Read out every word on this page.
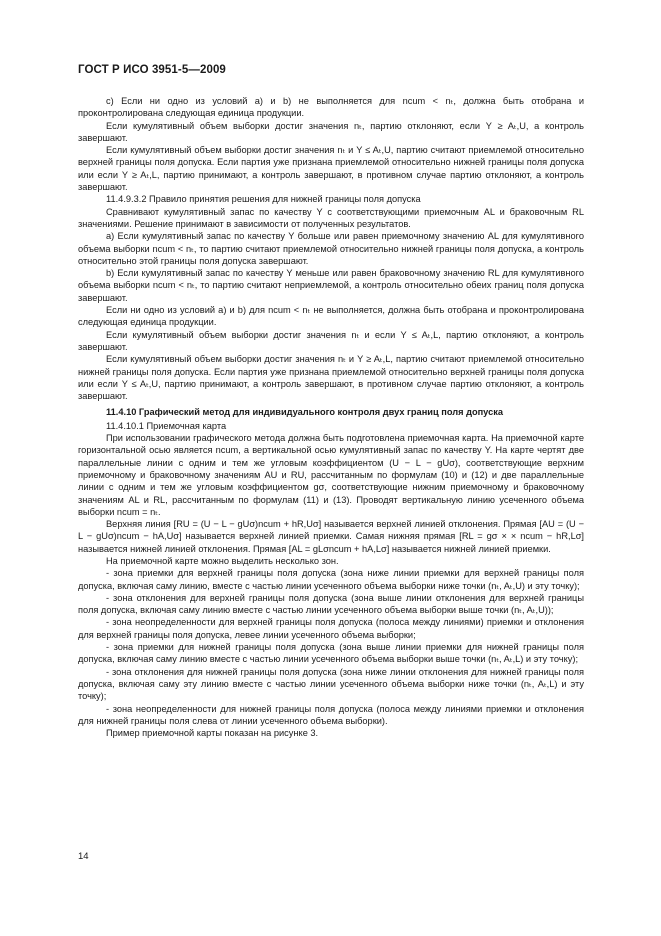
ГОСТ Р ИСО 3951-5—2009

c) Если ни одно из условий a) и b) не выполняется для nсum < nₜ, должна быть отобрана и проконтролирована следующая единица продукции.

Если кумулятивный объем выборки достиг значения nₜ, партию отклоняют, если Y ≥ Aₜ,U, а контроль завершают.

Если кумулятивный объем выборки достиг значения nₜ и Y ≤ Aₜ,U, партию считают приемлемой относительно верхней границы поля допуска. Если партия уже признана приемлемой относительно нижней границы поля допуска или если Y ≥ Aₜ,L, партию принимают, а контроль завершают, в противном случае партию отклоняют, а контроль завершают.

11.4.9.3.2 Правило принятия решения для нижней границы поля допуска

Сравнивают кумулятивный запас по качеству Y с соответствующими приемочным AL и браковочным RL значениями. Решение принимают в зависимости от полученных результатов.

a) Если кумулятивный запас по качеству Y больше или равен приемочному значению AL для кумулятивного объема выборки nсum < nₜ, то партию считают приемлемой относительно нижней границы поля допуска, а контроль относительно этой границы поля допуска завершают.

b) Если кумулятивный запас по качеству Y меньше или равен браковочному значению RL для кумулятивного объема выборки nсum < nₜ, то партию считают неприемлемой, а контроль относительно обеих границ поля допуска завершают.

Если ни одно из условий a) и b) для nсum < nₜ не выполняется, должна быть отобрана и проконтролирована следующая единица продукции.

Если кумулятивный объем выборки достиг значения nₜ и если Y ≤ Aₜ,L, партию отклоняют, а контроль завершают.

Если кумулятивный объем выборки достиг значения nₜ и Y ≥ Aₜ,L, партию считают приемлемой относительно нижней границы поля допуска. Если партия уже признана приемлемой относительно верхней границы поля допуска или если Y ≤ Aₜ,U, партию принимают, а контроль завершают, в противном случае партию отклоняют, а контроль завершают.

11.4.10 Графический метод для индивидуального контроля двух границ поля допуска

11.4.10.1 Приемочная карта

При использовании графического метода должна быть подготовлена приемочная карта. На приемочной карте горизонтальной осью является nсum, а вертикальной осью кумулятивный запас по качеству Y. На карте чертят две параллельные линии с одним и тем же угловым коэффициентом (U − L − gUσ), соответствующие верхним приемочному и браковочному значениям AU и RU, рассчитанным по формулам (10) и (12) и две параллельные линии с одним и тем же угловым коэффициентом gσ, соответствующие нижним приемочному и браковочному значениям AL и RL, рассчитанным по формулам (11) и (13). Проводят вертикальную линию усеченного объема выборки nсum = nₜ.

Верхняя линия [RU = (U − L − gUσ)nсum + hR,Uσ] называется верхней линией отклонения. Прямая [AU = (U − L − gUσ)nсum − hA,Uσ] называется верхней линией приемки. Самая нижняя прямая [RL = gσ × × nсum − hR,Lσ] называется нижней линией отклонения. Прямая [AL = gLσnсum + hA,Lσ] называется нижней линией приемки.

На приемочной карте можно выделить несколько зон.

- зона приемки для верхней границы поля допуска (зона ниже линии приемки для верхней границы поля допуска, включая саму линию, вместе с частью линии усеченного объема выборки ниже точки (nₜ, Aₜ,U) и эту точку);

- зона отклонения для верхней границы поля допуска (зона выше линии отклонения для верхней границы поля допуска, включая саму линию вместе с частью линии усеченного объема выборки выше точки (nₜ, Aₜ,U));

- зона неопределенности для верхней границы поля допуска (полоса между линиями) приемки и отклонения для верхней границы поля допуска, левее линии усеченного объема выборки;

- зона приемки для нижней границы поля допуска (зона выше линии приемки для нижней границы поля допуска, включая саму линию вместе с частью линии усеченного объема выборки выше точки (nₜ, Aₜ,L) и эту точку);

- зона отклонения для нижней границы поля допуска (зона ниже линии отклонения для нижней границы поля допуска, включая саму эту линию вместе с частью линии усеченного объема выборки ниже точки (nₜ, Aₜ,L) и эту точку);

- зона неопределенности для нижней границы поля допуска (полоса между линиями приемки и отклонения для нижней границы поля слева от линии усеченного объема выборки).

Пример приемочной карты показан на рисунке 3.

14
